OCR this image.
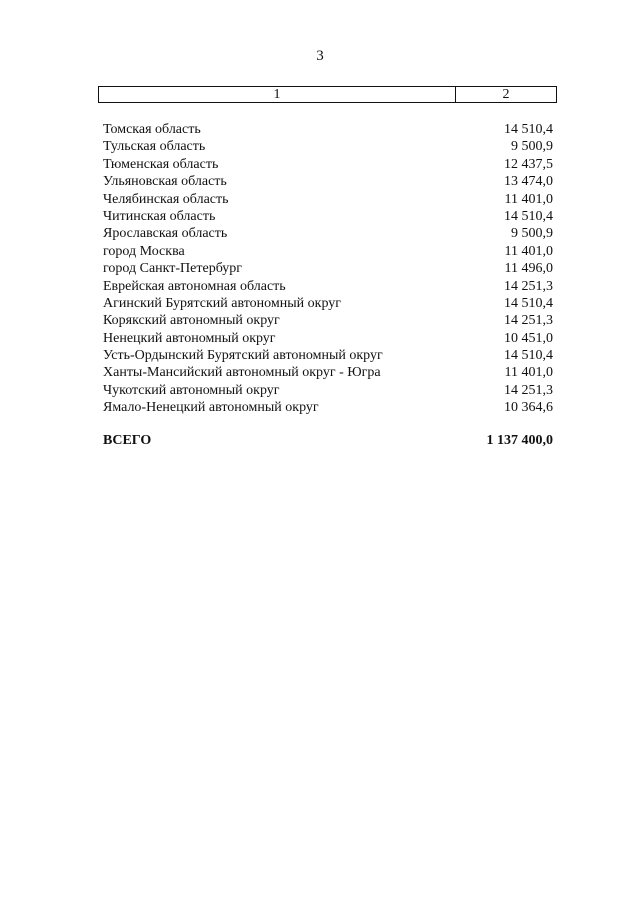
3
1	2
Томская область	14 510,4
Тульская область	9 500,9
Тюменская область	12 437,5
Ульяновская область	13 474,0
Челябинская область	11 401,0
Читинская область	14 510,4
Ярославская область	9 500,9
город Москва	11 401,0
город Санкт-Петербург	11 496,0
Еврейская автономная область	14 251,3
Агинский Бурятский автономный округ	14 510,4
Корякский автономный округ	14 251,3
Ненецкий автономный округ	10 451,0
Усть-Ордынский Бурятский автономный округ	14 510,4
Ханты-Мансийский автономный округ - Югра	11 401,0
Чукотский автономный округ	14 251,3
Ямало-Ненецкий автономный округ	10 364,6
ВСЕГО	1 137 400,0
